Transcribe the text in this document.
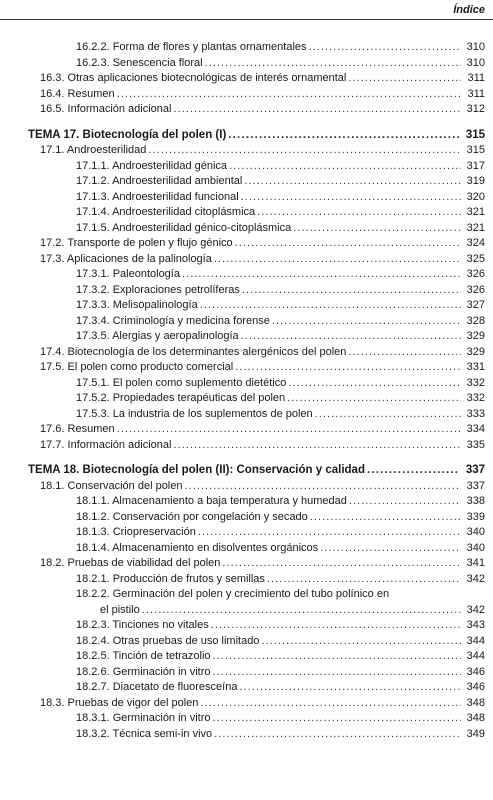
Índice
16.2.2. Forma de flores y plantas ornamentales . . .	310
16.2.3. Senescencia floral . . .	310
16.3. Otras aplicaciones biotecnológicas de interés ornamental . . .	311
16.4. Resumen . . .	311
16.5. Información adicional . . .	312
TEMA 17. Biotecnología del polen (I) . . .	315
17.1. Androesterilidad . . .	315
17.1.1. Androesterilidad génica . . .	317
17.1.2. Androesterilidad ambiental . . .	319
17.1.3. Androesterilidad funcional . . .	320
17.1.4. Androesterilidad citoplásmica . . .	321
17.1.5. Androesterilidad génico-citoplásmica . . .	321
17.2. Transporte de polen y flujo génico . . .	324
17.3. Aplicaciones de la palinología . . .	325
17.3.1. Paleontología . . .	326
17.3.2. Exploraciones petrolíferas . . .	326
17.3.3. Melisopalinología . . .	327
17.3.4. Criminología y medicina forense . . .	328
17.3.5. Alergias y aeropalinología . . .	329
17.4. Biotecnología de los determinantes alergénicos del polen . . .	329
17.5. El polen como producto comercial . . .	331
17.5.1. El polen como suplemento dietético . . .	332
17.5.2. Propiedades terapéuticas del polen . . .	332
17.5.3. La industria de los suplementos de polen . . .	333
17.6. Resumen . . .	334
17.7. Información adicional . . .	335
TEMA 18. Biotecnología del polen (II): Conservación y calidad . . .	337
18.1. Conservación del polen . . .	337
18.1.1. Almacenamiento a baja temperatura y humedad . . .	338
18.1.2. Conservación por congelación y secado . . .	339
18.1.3. Criopreservación . . .	340
18.1.4. Almacenamiento en disolventes orgánicos . . .	340
18.2. Pruebas de viabilidad del polen . . .	341
18.2.1. Producción de frutos y semillas . . .	342
18.2.2. Germinación del polen y crecimiento del tubo polínico en
el pistilo . . .	342
18.2.3. Tinciones no vitales . . .	343
18.2.4. Otras pruebas de uso limitado . . .	344
18.2.5. Tinción de tetrazolio . . .	344
18.2.6. Germinación in vitro . . .	346
18.2.7. Diacetato de fluoresceína . . .	346
18.3. Pruebas de vigor del polen . . .	348
18.3.1. Germinación in vitro . . .	348
18.3.2. Técnica semi-in vivo . . .	349
